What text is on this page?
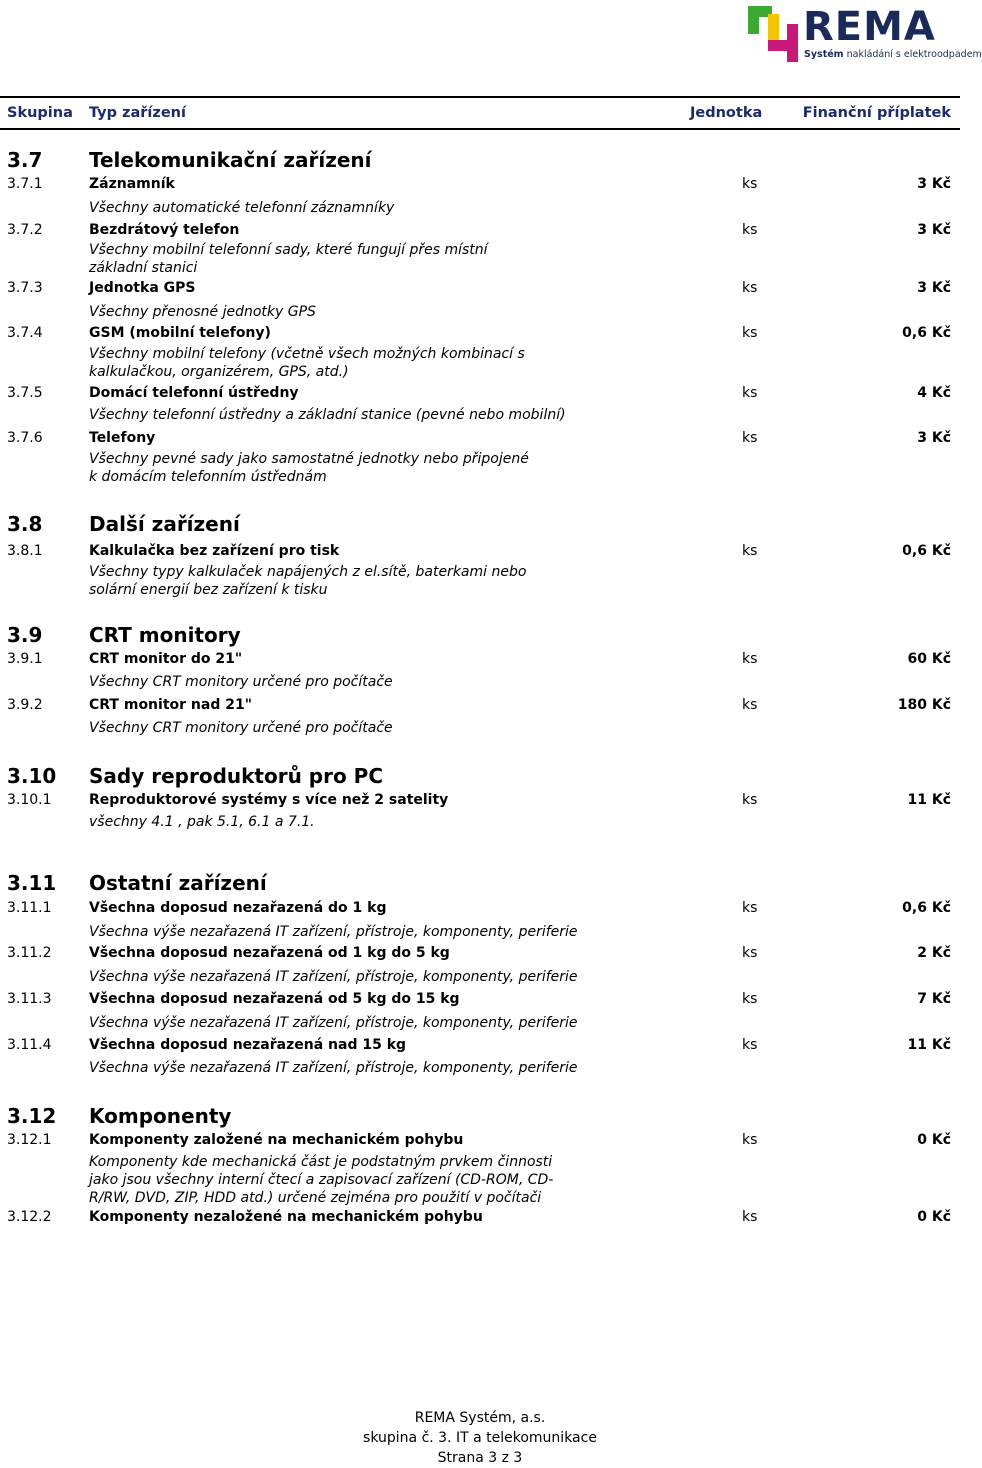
REMA
Systém nakládání s elektroodpadem
Skupina Typ zařízení	Jednotka	Finanční příplatek
3.7 Telekomunikační zařízení
3.7.1	Záznamník	ks	3 Kč
Všechny automatické telefonní záznamníky
3.7.2	Bezdrátový telefon	ks	3 Kč
Všechny mobilní telefonní sady, které fungují přes místní základní stanici
3.7.3	Jednotka GPS	ks	3 Kč
Všechny přenosné jednotky GPS
3.7.4	GSM (mobilní telefony)	ks	0,6 Kč
Všechny mobilní telefony (včetně všech možných kombinací s kalkulačkou, organizérem, GPS, atd.)
3.7.5	Domácí telefonní ústředny	ks	4 Kč
Všechny telefonní ústředny a základní stanice (pevné nebo mobilní)
3.7.6	Telefony	ks	3 Kč
Všechny pevné sady jako samostatné jednotky nebo připojené k domácím telefonním ústřednám
3.8 Další zařízení
3.8.1	Kalkulačka bez zařízení pro tisk	ks	0,6 Kč
Všechny typy kalkulaček napájených z el.sítě, baterkami nebo solární energií bez zařízení k tisku
3.9 CRT monitory
3.9.1	CRT monitor do 21"	ks	60 Kč
Všechny CRT monitory určené pro počítače
3.9.2	CRT monitor nad 21"	ks	180 Kč
Všechny CRT monitory určené pro počítače
3.10 Sady reproduktorů pro PC
3.10.1	Reproduktorové systémy s více než 2 satelity	ks	11 Kč
všechny 4.1 , pak 5.1, 6.1 a 7.1.
3.11 Ostatní zařízení
3.11.1	Všechna doposud nezařazená do 1 kg	ks	0,6 Kč
Všechna výše nezařazená IT zařízení, přístroje, komponenty, periferie
3.11.2	Všechna doposud nezařazená od 1 kg do 5 kg	ks	2 Kč
Všechna výše nezařazená IT zařízení, přístroje, komponenty, periferie
3.11.3	Všechna doposud nezařazená od 5 kg do 15 kg	ks	7 Kč
Všechna výše nezařazená IT zařízení, přístroje, komponenty, periferie
3.11.4	Všechna doposud nezařazená nad 15 kg	ks	11 Kč
Všechna výše nezařazená IT zařízení, přístroje, komponenty, periferie
3.12 Komponenty
3.12.1	Komponenty založené na mechanickém pohybu	ks	0 Kč
Komponenty kde mechanická část je podstatným prvkem činnosti jako jsou všechny interní čtecí a zapisovací zařízení (CD-ROM, CD-R/RW, DVD, ZIP, HDD atd.) určené zejména pro použití v počítači
3.12.2	Komponenty nezaložené na mechanickém pohybu	ks	0 Kč
REMA Systém, a.s.
skupina č. 3. IT a telekomunikace
Strana 3 z 3
